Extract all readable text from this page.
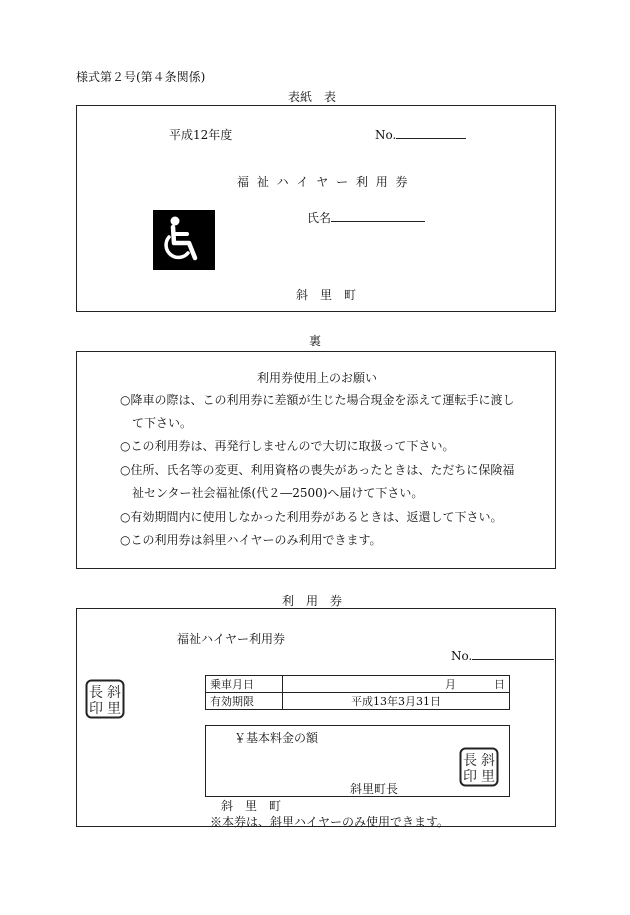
様式第２号(第４条関係)
表紙　表
平成12年度	No.
福 祉 ハ イ ヤ ー 利 用 券
氏名
斜　里　町
裏
利用券使用上のお願い

○降車の際は、この利用券に差額が生じた場合現金を添えて運転手に渡し

　て下さい。

○この利用券は、再発行しませんので大切に取扱って下さい。

○住所、氏名等の変更、利用資格の喪失があったときは、ただちに保険福

　祉センター社会福祉係(代２―2500)へ届けて下さい。

○有効期間内に使用しなかった利用券があるときは、返還して下さい。

○この利用券は斜里ハイヤーのみ利用できます。

利　用　券
福祉ハイヤー利用券
No.
斜
里
長
印
乗車月日	月 日
有効期限	平成13年3月31日
￥基本料金の額
斜里町長
斜
里
長
印
斜　里　町
※本券は、斜里ハイヤーのみ使用できます。
